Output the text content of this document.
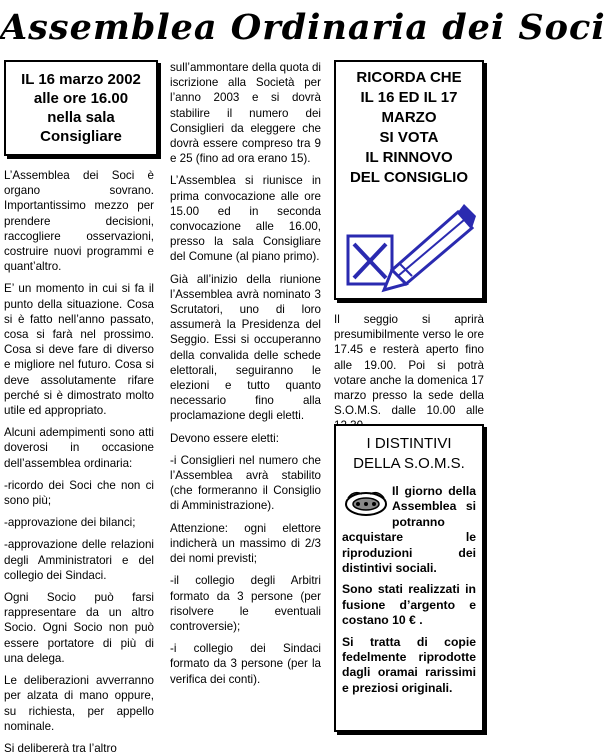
Assemblea Ordinaria dei Soci
IL 16 marzo 2002
alle ore 16.00
nella sala
Consigliare

L’Assemblea dei Soci è organo sovrano. Importantissimo mezzo per prendere decisioni, raccogliere osservazioni, costruire nuovi programmi e quant’altro.

E’ un momento in cui si fa il punto della situazione. Cosa si è fatto nell’anno passato, cosa si farà nel prossimo. Cosa si deve fare di diverso e migliore nel futuro. Cosa si deve assolutamente rifare perché si è dimostrato molto utile ed appropriato.

Alcuni adempimenti sono atti doverosi in occasione dell’assemblea ordinaria:

-ricordo dei Soci che non ci sono più;

-approvazione dei bilanci;

-approvazione delle relazioni degli Amministratori e del collegio dei Sindaci.

Ogni Socio può farsi rappresentare da un altro Socio. Ogni Socio non può essere portatore di più di una delega.

Le deliberazioni avverranno per alzata di mano oppure, su richiesta, per appello nominale.

Si delibererà tra l’altro

sull’ammontare della quota di iscrizione alla Società per l’anno 2003 e si dovrà stabilire il numero dei Consiglieri da eleggere che dovrà essere compreso tra 9 e 25 (fino ad ora erano 15).

L’Assemblea si riunisce in prima convocazione alle ore 15.00 ed in seconda convocazione alle 16.00, presso la sala Consigliare del Comune (al piano primo).

Già all’inizio della riunione l’Assemblea avrà nominato 3 Scrutatori, uno di loro assumerà la Presidenza del Seggio. Essi si occuperanno della convalida delle schede elettorali, seguiranno le elezioni e tutto quanto necessario fino alla proclamazione degli eletti.

Devono essere eletti:

-i Consiglieri nel numero che l’Assemblea avrà stabilito (che formeranno il Consiglio di Amministrazione).

Attenzione: ogni elettore indicherà un massimo di 2/3 dei nomi previsti;

-il collegio degli Arbitri formato da 3 persone (per risolvere le eventuali controversie);

-i collegio dei Sindaci formato da 3 persone (per la verifica dei conti).

RICORDA CHE
IL 16 ED IL 17
MARZO
SI VOTA
IL RINNOVO
DEL CONSIGLIO

Il seggio si aprirà presumibilmente verso le ore 17.45 e resterà aperto fino alle 19.00. Poi si potrà votare anche la domenica 17 marzo presso la sede della S.O.M.S. dalle 10.00 alle

I DISTINTIVI
DELLA S.O.M.S.

Il giorno della Assemblea si potranno acquistare le riproduzioni dei distintivi sociali.

Sono stati realizzati in fusione d’argento e costano 10 € .

Si tratta di copie fedelmente riprodotte dagli oramai rarissimi e preziosi originali.
